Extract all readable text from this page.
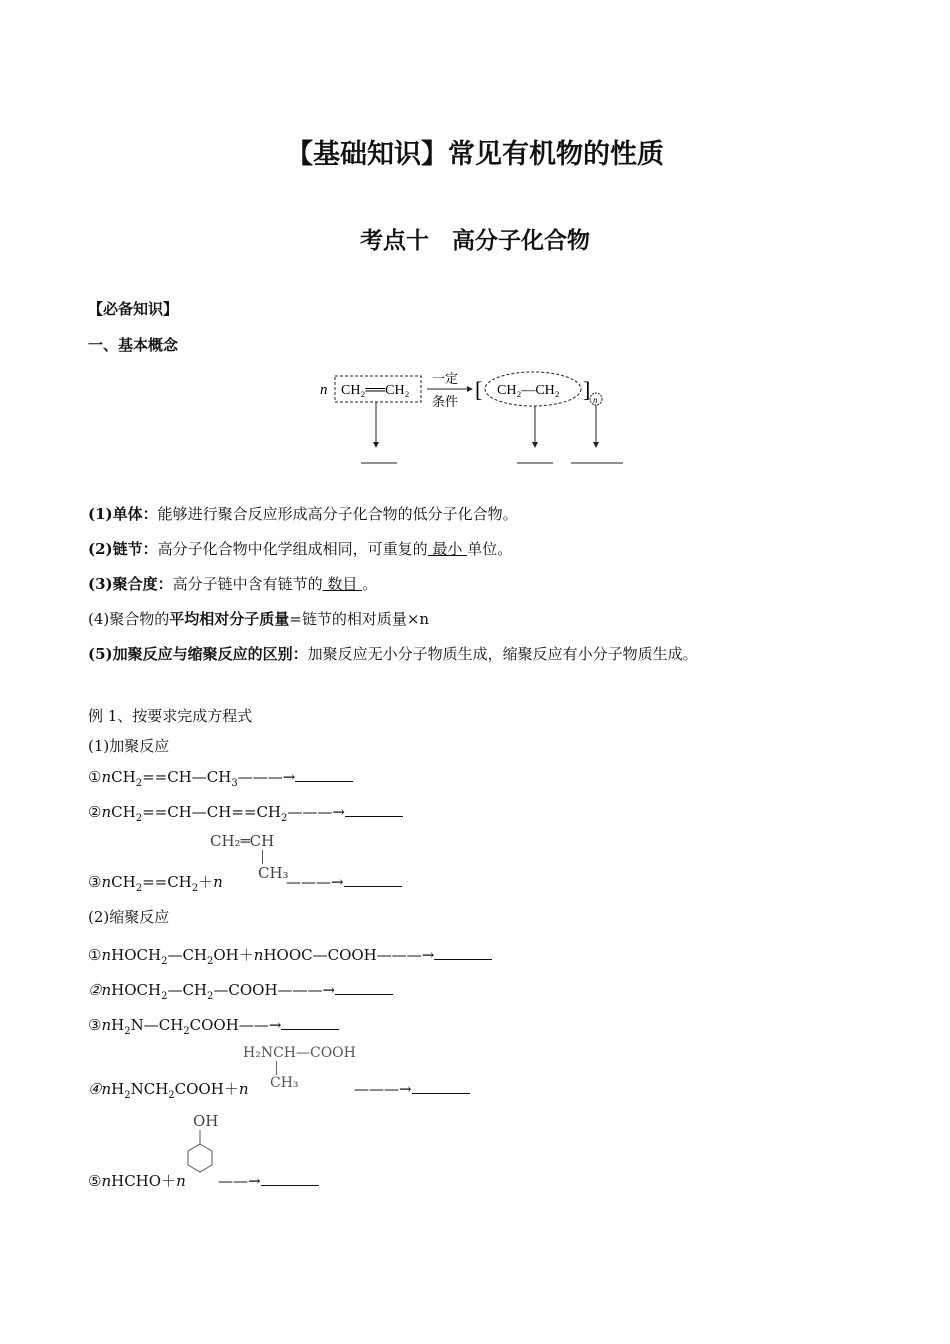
【基础知识】常见有机物的性质
考点十　高分子化合物
【必备知识】
一、基本概念
n CH₂══CH₂
一定
条件 [ CH₂—CH₂ ] n
(1)单体：能够进行聚合反应形成高分子化合物的低分子化合物。
(2)链节：高分子化合物中化学组成相同，可重复的 最小 单位。
(3)聚合度：高分子链中含有链节的 数目 。
(4)聚合物的平均相对分子质量=链节的相对质量×n
(5)加聚反应与缩聚反应的区别：加聚反应无小分子物质生成，缩聚反应有小分子物质生成。
例 1、按要求完成方程式
(1)加聚反应
$①nCH_2==CH—CH_3———\to$
$②nCH_2==CH—CH==CH_2———\to$
CH₂═CH
CH₃
$③nCH_2==CH_2+n$	———→
(2)缩聚反应
$①nHOCH_2—CH_2OH+nHOOC—COOH———\to$
$②nHOCH_2—CH_2—COOH———\to$
$③nH_2N—CH_2COOH——\to$
H₂NCH—COOH
CH₃
$④nH_2NCH_2COOH+n$	———→
OH
⑤nHCHO＋n ——→
